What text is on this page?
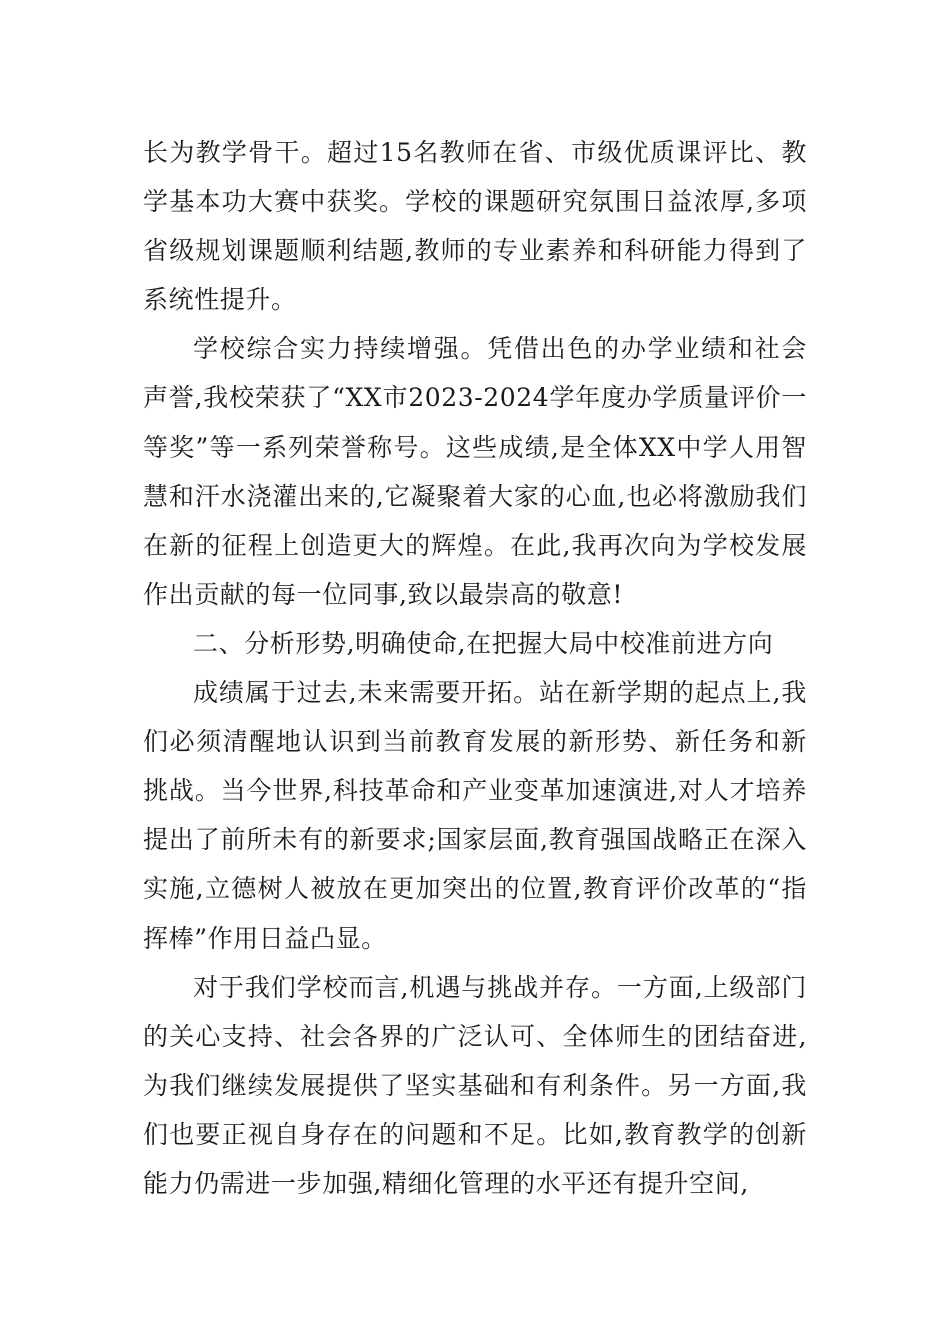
长为教学骨干。超过15名教师在省、市级优质课评比、教学基本功大赛中获奖。学校的课题研究氛围日益浓厚,多项省级规划课题顺利结题,教师的专业素养和科研能力得到了系统性提升。

学校综合实力持续增强。凭借出色的办学业绩和社会声誉,我校荣获了“XX市2023-2024学年度办学质量评价一等奖”等一系列荣誉称号。这些成绩,是全体XX中学人用智慧和汗水浇灌出来的,它凝聚着大家的心血,也必将激励我们在新的征程上创造更大的辉煌。在此,我再次向为学校发展作出贡献的每一位同事,致以最崇高的敬意!

二、分析形势,明确使命,在把握大局中校准前进方向

成绩属于过去,未来需要开拓。站在新学期的起点上,我们必须清醒地认识到当前教育发展的新形势、新任务和新挑战。当今世界,科技革命和产业变革加速演进,对人才培养提出了前所未有的新要求;国家层面,教育强国战略正在深入实施,立德树人被放在更加突出的位置,教育评价改革的“指挥棒”作用日益凸显。

对于我们学校而言,机遇与挑战并存。一方面,上级部门的关心支持、社会各界的广泛认可、全体师生的团结奋进,为我们继续发展提供了坚实基础和有利条件。另一方面,我们也要正视自身存在的问题和不足。比如,教育教学的创新能力仍需进一步加强,精细化管理的水平还有提升空间,
